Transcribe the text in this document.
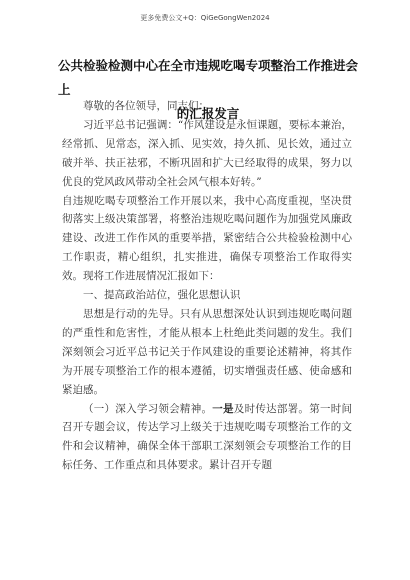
更多免费公文+Q：QiGeGongWen2024
公共检验检测中心在全市违规吃喝专项整治工作推进会上
的汇报发言

尊敬的各位领导，同志们：

习近平总书记强调：“作风建设是永恒课题，要标本兼治，经常抓、见常态，深入抓、见实效，持久抓、见长效，通过立破并举、扶正祛邪，不断巩固和扩大已经取得的成果，努力以优良的党风政风带动全社会风气根本好转。”

自违规吃喝专项整治工作开展以来，我中心高度重视，坚决贯彻落实上级决策部署，将整治违规吃喝问题作为加强党风廉政建设、改进工作作风的重要举措，紧密结合公共检验检测中心工作职责，精心组织，扎实推进，确保专项整治工作取得实效。现将工作进展情况汇报如下：

一、提高政治站位，强化思想认识

思想是行动的先导。只有从思想深处认识到违规吃喝问题的严重性和危害性，才能从根本上杜绝此类问题的发生。我们深刻领会习近平总书记关于作风建设的重要论述精神，将其作为开展专项整治工作的根本遵循，切实增强责任感、使命感和紧迫感。

（一）深入学习领会精神。一是及时传达部署。第一时间召开专题会议，传达学习上级关于违规吃喝专项整治工作的文件和会议精神，确保全体干部职工深刻领会专项整治工作的目标任务、工作重点和具体要求。累计召开专题
